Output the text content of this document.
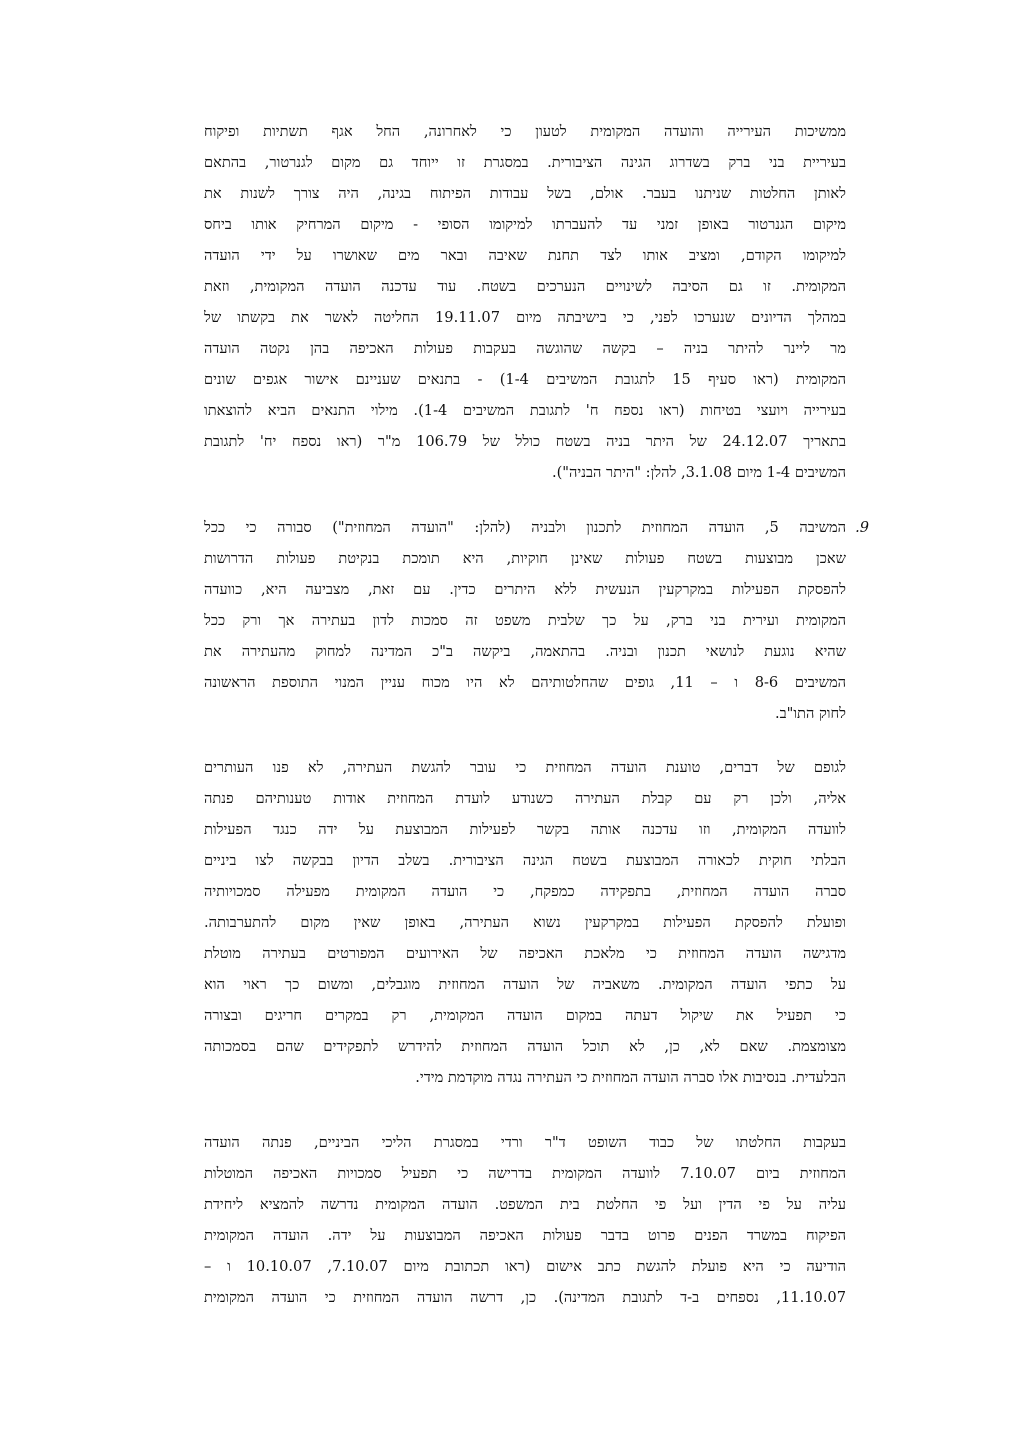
ממשיכות העירייה והועדה המקומית לטעון כי לאחרונה, החל אגף תשתיות ופיקוח
בעיריית בני ברק בשדרוג הגינה הציבורית. במסגרת זו ייוחד גם מקום לגנרטור, בהתאם
לאותן החלטות שניתנו בעבר. אולם, בשל עבודות הפיתוח בגינה, היה צורך לשנות את
מיקום הגנרטור באופן זמני עד להעברתו למיקומו הסופי - מיקום המרחיק אותו ביחס
למיקומו הקודם, ומציב אותו לצד תחנת שאיבה ובאר מים שאושרו על ידי הועדה
המקומית. זו גם הסיבה לשינויים הנערכים בשטח. עוד עדכנה הועדה המקומית, וזאת
במהלך הדיונים שנערכו לפני, כי בישיבתה מיום 19.11.07 החליטה לאשר את בקשתו של
מר ליינר להיתר בניה – בקשה שהוגשה בעקבות פעולות האכיפה בהן נקטה הועדה
המקומית (ראו סעיף 15 לתגובת המשיבים 1-4) - בתנאים שעניינם אישור אגפים שונים
בעירייה ויועצי בטיחות (ראו נספח ח' לתגובת המשיבים 1-4). מילוי התנאים הביא להוצאתו
בתאריך 24.12.07 של היתר בניה בשטח כולל של 106.79 מ"ר (ראו נספח יח' לתגובת
המשיבים 1-4 מיום 3.1.08, להלן: "היתר הבניה").
9.
המשיבה 5, הועדה המחוזית לתכנון ולבניה (להלן: "הועדה המחוזית") סבורה כי ככל
שאכן מבוצעות בשטח פעולות שאינן חוקיות, היא תומכת בנקיטת פעולות הדרושות
להפסקת הפעילות במקרקעין הנעשית ללא היתרים כדין. עם זאת, מצביעה היא, כוועדה
המקומית ועירית בני ברק, על כך שלבית משפט זה סמכות לדון בעתירה אך ורק ככל
שהיא נוגעת לנושאי תכנון ובניה. בהתאמה, ביקשה ב"כ המדינה למחוק מהעתירה את
המשיבים 8-6 ו – 11, גופים שהחלטותיהם לא היו מכוח עניין המנוי התוספת הראשונה
לחוק התו"ב.
לגופם של דברים, טוענת הועדה המחוזית כי עובר להגשת העתירה, לא פנו העותרים
אליה, ולכן רק עם קבלת העתירה כשנודע לועדת המחוזית אודות טענותיהם פנתה
לוועדה המקומית, וזו עדכנה אותה בקשר לפעילות המבוצעת על ידה כנגד הפעילות
הבלתי חוקית לכאורה המבוצעת בשטח הגינה הציבורית. בשלב הדיון בבקשה לצו ביניים
סברה הועדה המחוזית, בתפקידה כמפקח, כי הועדה המקומית מפעילה סמכויותיה
ופועלת להפסקת הפעילות במקרקעין נשוא העתירה, באופן שאין מקום להתערבותה.
מדגישה הועדה המחוזית כי מלאכת האכיפה של האירועים המפורטים בעתירה מוטלת
על כתפי הועדה המקומית. משאביה של הועדה המחוזית מוגבלים, ומשום כך ראוי הוא
כי תפעיל את שיקול דעתה במקום הועדה המקומית, רק במקרים חריגים ובצורה
מצומצמת. שאם לא, כן, לא תוכל הועדה המחוזית להידרש לתפקידים שהם בסמכותה
הבלעדית. בנסיבות אלו סברה הועדה המחוזית כי העתירה נגדה מוקדמת מידי.
בעקבות החלטתו של כבוד השופט ד"ר ורדי במסגרת הליכי הביניים, פנתה הועדה
המחוזית ביום 7.10.07 לוועדה המקומית בדרישה כי תפעיל סמכויות האכיפה המוטלות
עליה על פי הדין ועל פי החלטת בית המשפט. הועדה המקומית נדרשה להמציא ליחידת
הפיקוח במשרד הפנים פרוט בדבר פעולות האכיפה המבוצעות על ידה. הועדה המקומית
הודיעה כי היא פועלת להגשת כתב אישום (ראו תכתובת מיום 7.10.07, 10.10.07 ו –
11.10.07, נספחים ב-ד לתגובת המדינה). כן, דרשה הועדה המחוזית כי הועדה המקומית
